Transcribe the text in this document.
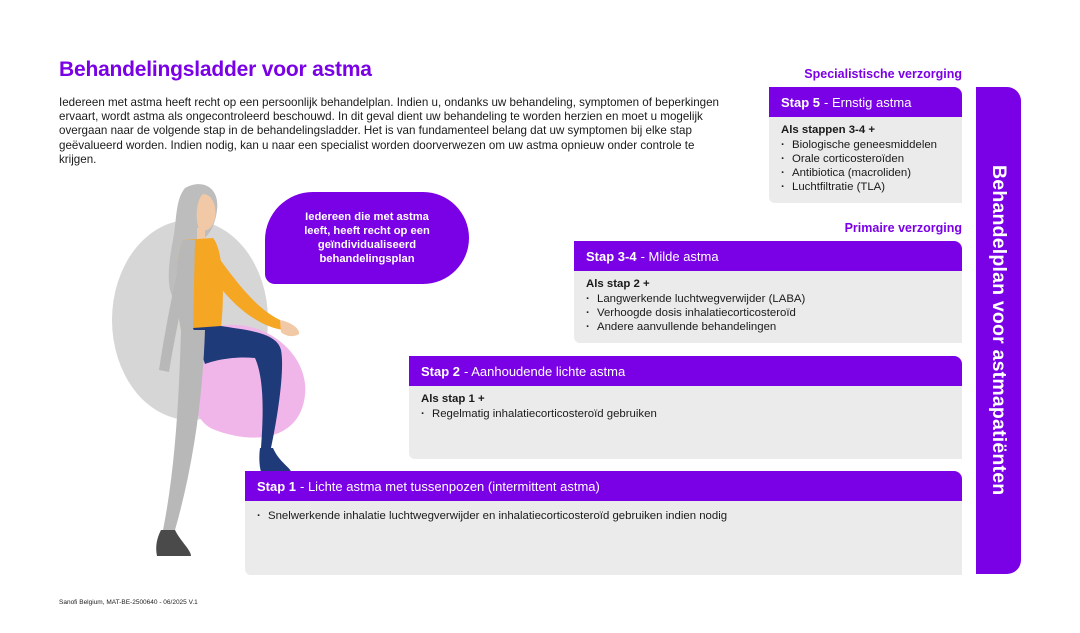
Behandelingsladder voor astma

Iedereen met astma heeft recht op een persoonlijk behandelplan. Indien u, ondanks uw behandeling, symptomen of beperkingen ervaart, wordt astma als ongecontroleerd beschouwd. In dit geval dient uw behandeling te worden herzien en moet u mogelijk overgaan naar de volgende stap in de behandelingsladder. Het is van fundamenteel belang dat uw symptomen bij elke stap geëvalueerd worden. Indien nodig, kan u naar een specialist worden doorverwezen om uw astma opnieuw onder controle te krijgen.

Specialistische verzorging
Primaire verzorging
Iedereen die met astma leeft, heeft recht op een geïndividualiseerd behandelingsplan
Stap 5 - Ernstig astma
Als stappen 3-4 +
· Biologische geneesmiddelen
· Orale corticosteroïden
· Antibiotica (macroliden)
· Luchtfiltratie (TLA)
Stap 3-4 - Milde astma
Als stap 2 +
· Langwerkende luchtwegverwijder (LABA)
· Verhoogde dosis inhalatiecorticosteroïd
· Andere aanvullende behandelingen
Stap 2 - Aanhoudende lichte astma
Als stap 1 +
· Regelmatig inhalatiecorticosteroïd gebruiken
Stap 1 - Lichte astma met tussenpozen (intermittent astma)
· Snelwerkende inhalatie luchtwegverwijder en inhalatiecorticosteroïd gebruiken indien nodig
Behandelplan voor astmapatiënten
Sanofi Belgium, MAT-BE-2500640 - 06/2025 V.1
